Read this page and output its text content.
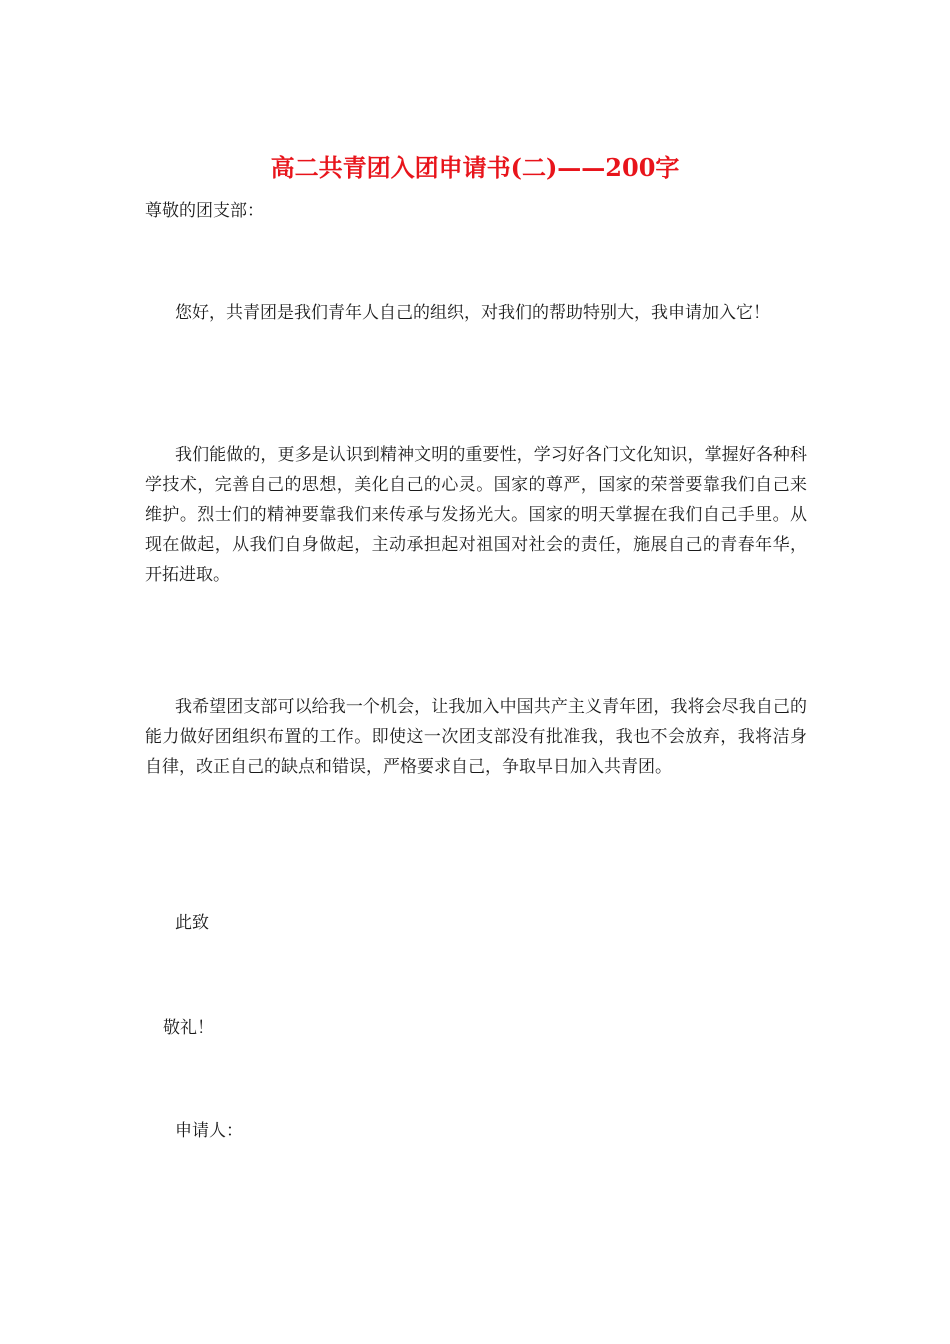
高二共青团入团申请书(二)——200字

尊敬的团支部：

您好，共青团是我们青年人自己的组织，对我们的帮助特别大，我申请加入它！

我们能做的，更多是认识到精神文明的重要性，学习好各门文化知识，掌握好各种科学技术，完善自己的思想，美化自己的心灵。国家的尊严，国家的荣誉要靠我们自己来维护。烈士们的精神要靠我们来传承与发扬光大。国家的明天掌握在我们自己手里。从现在做起，从我们自身做起，主动承担起对祖国对社会的责任，施展自己的青春年华，开拓进取。

我希望团支部可以给我一个机会，让我加入中国共产主义青年团，我将会尽我自己的能力做好团组织布置的工作。即使这一次团支部没有批准我，我也不会放弃，我将洁身自律，改正自己的缺点和错误，严格要求自己，争取早日加入共青团。

此致

敬礼！

申请人：
